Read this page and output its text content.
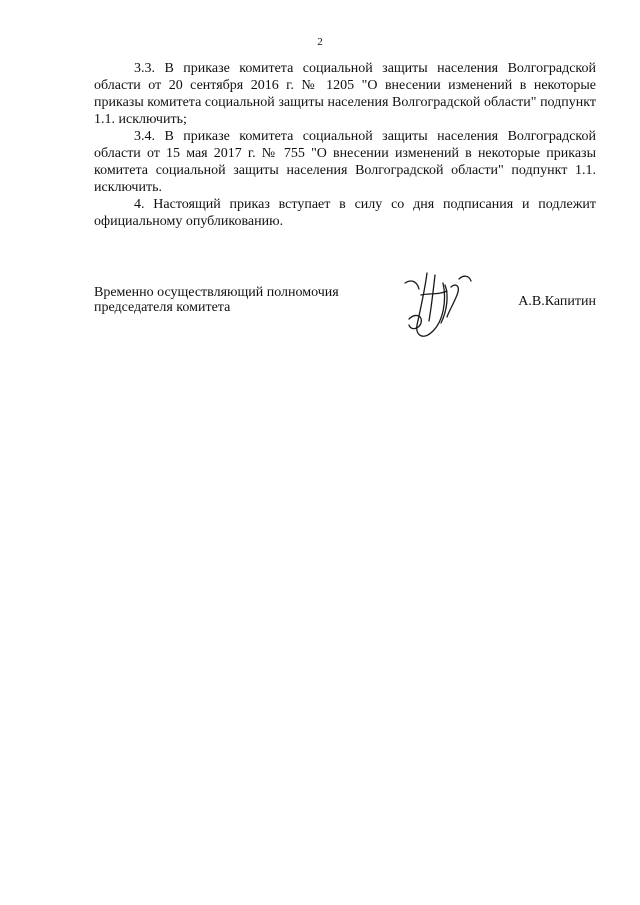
2

3.3. В приказе комитета социальной защиты населения Волгоградской области от 20 сентября 2016 г. № 1205 "О внесении изменений в некоторые приказы комитета социальной защиты населения Волгоградской области" подпункт 1.1. исключить;

3.4. В приказе комитета социальной защиты населения Волгоградской области от 15 мая 2017 г. № 755 "О внесении изменений в некоторые приказы комитета социальной защиты населения Волгоградской области" подпункт 1.1. исключить.

4. Настоящий приказ вступает в силу со дня подписания и подлежит официальному опубликованию.

Временно осуществляющий полномочия
председателя комитета	А.В.Капитин
